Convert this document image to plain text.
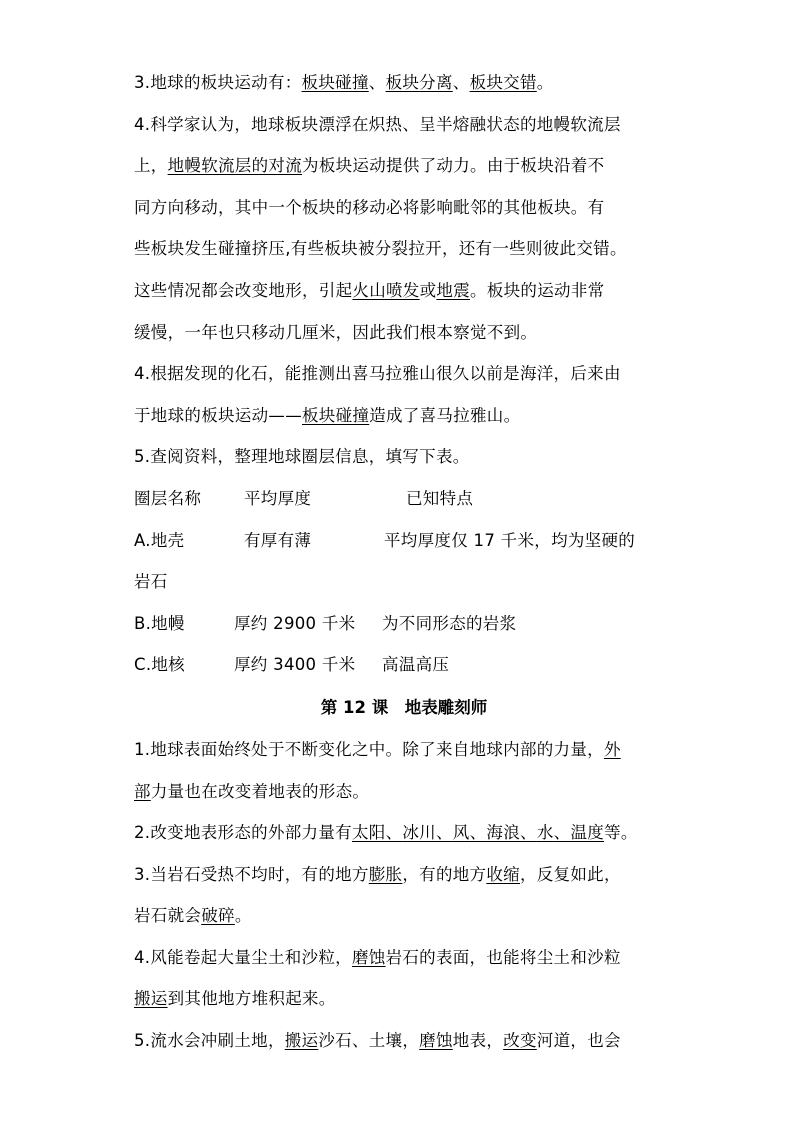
3.地球的板块运动有：板块碰撞、板块分离、板块交错。
4.科学家认为，地球板块漂浮在炽热、呈半熔融状态的地幔软流层
上，地幔软流层的对流为板块运动提供了动力。由于板块沿着不
同方向移动，其中一个板块的移动必将影响毗邻的其他板块。有
些板块发生碰撞挤压,有些板块被分裂拉开，还有一些则彼此交错。
这些情况都会改变地形，引起火山喷发或地震。板块的运动非常
缓慢，一年也只移动几厘米，因此我们根本察觉不到。
4.根据发现的化石，能推测出喜马拉雅山很久以前是海洋，后来由
于地球的板块运动——板块碰撞造成了喜马拉雅山。
5.查阅资料，整理地球圈层信息，填写下表。
圈层名称	平均厚度	已知特点
A.地壳	有厚有薄	平均厚度仅 17 千米，均为坚硬的
岩石
B.地幔	厚约 2900 千米 为不同形态的岩浆
C.地核	厚约 3400 千米 高温高压
第 12 课　地表雕刻师
1.地球表面始终处于不断变化之中。除了来自地球内部的力量，外
部力量也在改变着地表的形态。
2.改变地表形态的外部力量有太阳、冰川、风、海浪、水、温度等。
3.当岩石受热不均时，有的地方膨胀，有的地方收缩，反复如此，
岩石就会破碎。
4.风能卷起大量尘土和沙粒，磨蚀岩石的表面，也能将尘土和沙粒
搬运到其他地方堆积起来。
5.流水会冲刷土地，搬运沙石、土壤，磨蚀地表，改变河道，也会
